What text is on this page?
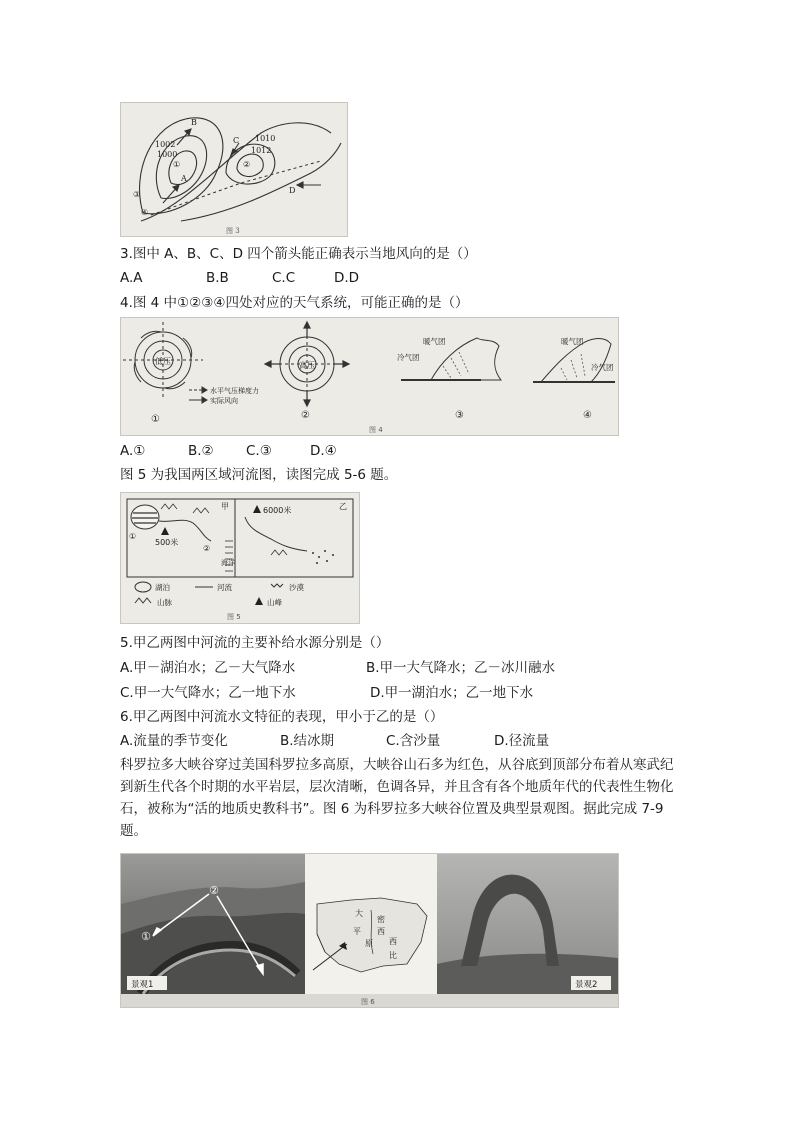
1002
1000
1010
1012
A
B
C
D
①	②
③
④
图 3
3.图中 A、B、C、D 四个箭头能正确表示当地风向的是（）
A.A	B.B	C.C	D.D
4.图 4 中①②③④四处对应的天气系统，可能正确的是（）
低压
水平气压梯度力
实际风向
①
高压
②
暖气团
冷气团
③
暖气团
冷气团
④
图 4
A.①	B.② C.③	D.④
图 5 为我国两区域河流图，读图完成 5-6 题。
甲	乙
500米
6000米
①
②
海洋
湖泊	河流	沙漠
山脉	山峰
图 5
5.甲乙两图中河流的主要补给水源分别是（）
A.甲－湖泊水；乙－大气降水	B.甲一大气降水；乙－冰川融水
C.甲一大气降水；乙一地下水	D.甲一湖泊水；乙一地下水
6.甲乙两图中河流水文特征的表现，甲小于乙的是（）
A.流量的季节变化	B.结冰期	C.含沙量	D.径流量
科罗拉多大峡谷穿过美国科罗拉多高原，大峡谷山石多为红色，从谷底到顶部分布着从寒武纪到新生代各个时期的水平岩层，层次清晰，色调各异，并且含有各个地质年代的代表性生物化石，被称为“活的地质史教科书”。图 6 为科罗拉多大峡谷位置及典型景观图。据此完成 7-9 题。
①
②
景观1
大
平
密
西
西
原
比
景观2
图 6
